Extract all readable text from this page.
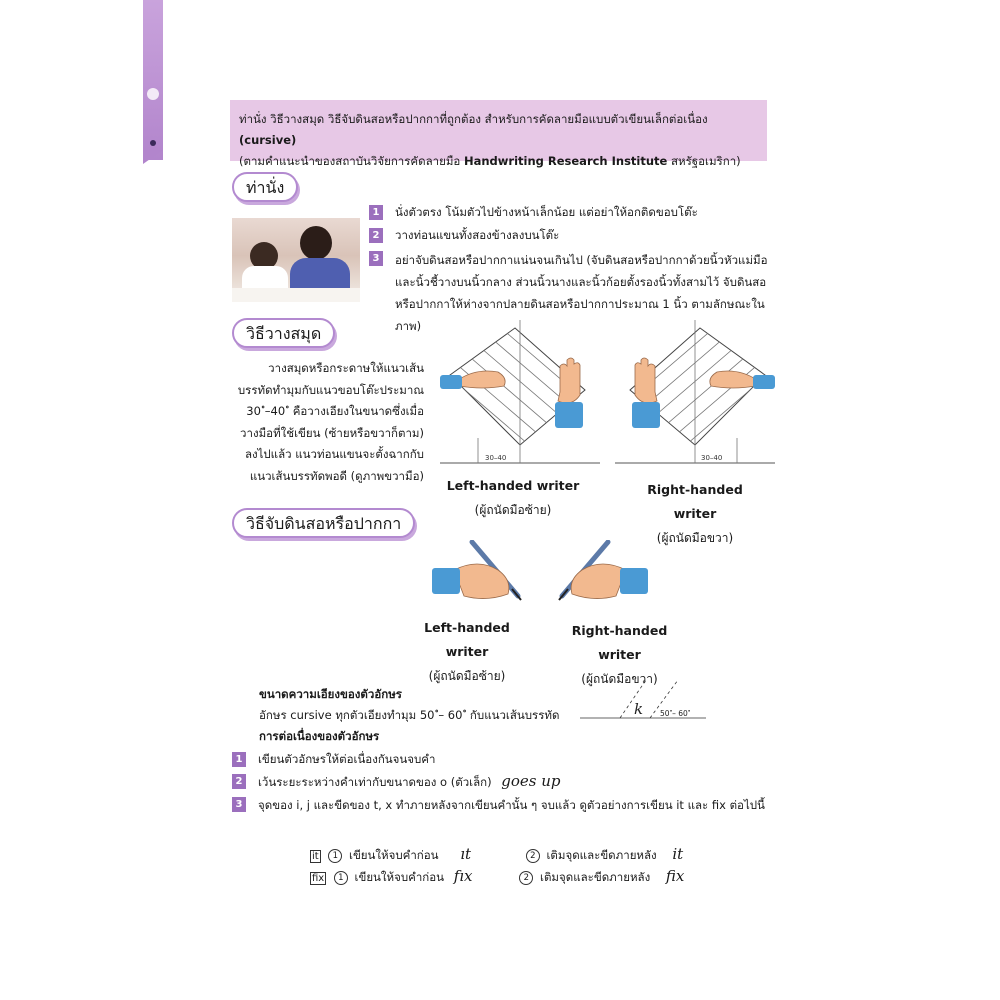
ท่านั่ง วิธีวางสมุด วิธีจับดินสอหรือปากกาที่ถูกต้อง สำหรับการคัดลายมือแบบตัวเขียนเล็กต่อเนื่อง (cursive)
(ตามคำแนะนำของสถาบันวิจัยการคัดลายมือ Handwriting Research Institute สหรัฐอเมริกา)
ท่านั่ง
1	นั่งตัวตรง โน้มตัวไปข้างหน้าเล็กน้อย แต่อย่าให้อกติดขอบโต๊ะ
2	วางท่อนแขนทั้งสองข้างลงบนโต๊ะ
3	อย่าจับดินสอหรือปากกาแน่นจนเกินไป (จับดินสอหรือปากกาด้วยนิ้วหัวแม่มือ และนิ้วชี้วางบนนิ้วกลาง ส่วนนิ้วนางและนิ้วก้อยตั้งรองนิ้วทั้งสามไว้ จับดินสอ หรือปากกาให้ห่างจากปลายดินสอหรือปากกาประมาณ 1 นิ้ว ตามลักษณะในภาพ)
วิธีวางสมุด
วางสมุดหรือกระดาษให้แนวเส้น
บรรทัดทำมุมกับแนวขอบโต๊ะประมาณ
30 ํ–40 ํ คือวางเอียงในขนาดซึ่งเมื่อ
วางมือที่ใช้เขียน (ซ้ายหรือขวาก็ตาม)
ลงไปแล้ว แนวท่อนแขนจะตั้งฉากกับ
แนวเส้นบรรทัดพอดี (ดูภาพขวามือ)
30–40
Left-handed writer
(ผู้ถนัดมือซ้าย)
30–40
Right-handed writer
(ผู้ถนัดมือขวา)
วิธีจับดินสอหรือปากกา
Left-handed writer
(ผู้ถนัดมือซ้าย)
Right-handed writer
(ผู้ถนัดมือขวา)
ขนาดความเอียงของตัวอักษร
อักษร cursive ทุกตัวเอียงทำมุม 50 ํ– 60 ํ กับแนวเส้นบรรทัด
การต่อเนื่องของตัวอักษร
k 50 ํ– 60 ํ
1	เขียนตัวอักษรให้ต่อเนื่องกันจนจบคำ
2	เว้นระยะระหว่างคำเท่ากับขนาดของ o (ตัวเล็ก) goes up
3	จุดของ i, j และขีดของ t, x ทำภายหลังจากเขียนคำนั้น ๆ จบแล้ว ดูตัวอย่างการเขียน it และ fix ต่อไปนี้
it 1 เขียนให้จบคำก่อน ıt	2 เติมจุดและขีดภายหลัง it
fix 1 เขียนให้จบคำก่อน fıx	2 เติมจุดและขีดภายหลัง fix
